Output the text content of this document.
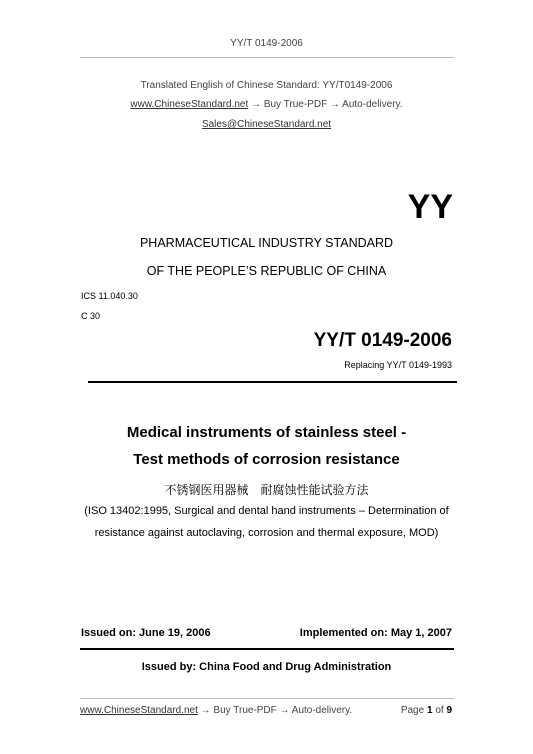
YY/T 0149-2006
Translated English of Chinese Standard: YY/T0149-2006
www.ChineseStandard.net → Buy True-PDF → Auto-delivery.
Sales@ChineseStandard.net
YY
PHARMACEUTICAL INDUSTRY STANDARD
OF THE PEOPLE’S REPUBLIC OF CHINA
ICS 11.040.30
C 30
YY/T 0149-2006
Replacing YY/T 0149-1993
Medical instruments of stainless steel -
Test methods of corrosion resistance
不锈钢医用器械　耐腐蚀性能试验方法
(ISO 13402:1995, Surgical and dental hand instruments – Determination of
resistance against autoclaving, corrosion and thermal exposure, MOD)
Issued on: June 19, 2006	Implemented on: May 1, 2007
Issued by: China Food and Drug Administration
www.ChineseStandard.net → Buy True-PDF → Auto-delivery.	Page 1 of 9
